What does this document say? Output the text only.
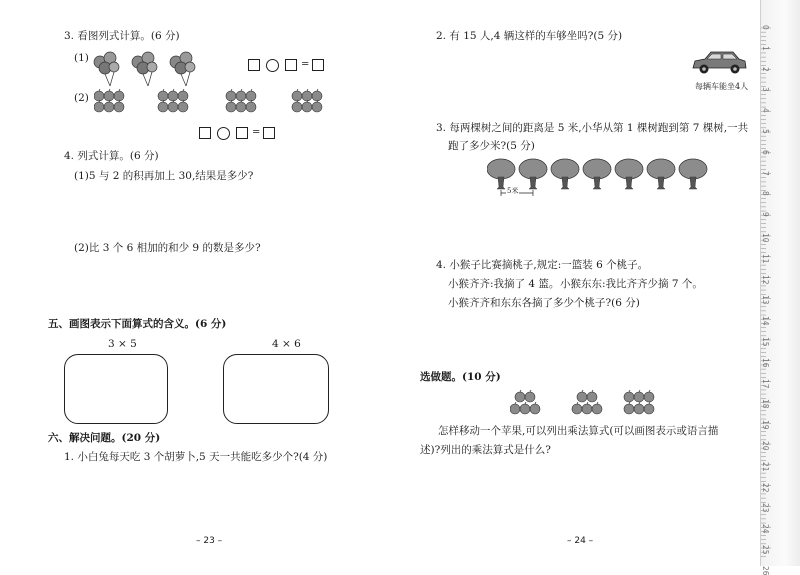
3. 看图列式计算。(6 分)
(1)
=
(2)
=
4. 列式计算。(6 分)
(1)5 与 2 的积再加上 30,结果是多少?
(2)比 3 个 6 相加的和少 9 的数是多少?
五、画图表示下面算式的含义。(6 分)
3 × 5	4 × 6
六、解决问题。(20 分)
1. 小白兔每天吃 3 个胡萝卜,5 天一共能吃多少个?(4 分)
– 23 –
2. 有 15 人,4 辆这样的车够坐吗?(5 分)
每辆车能坐4人
3. 每两棵树之间的距离是 5 米,小华从第 1 棵树跑到第 7 棵树,一共
跑了多少米?(5 分)
5米
4. 小猴子比赛摘桃子,规定:一篮装 6 个桃子。
小猴齐齐:我摘了 4 篮。 小猴东东:我比齐齐少摘 7 个。
小猴齐齐和东东各摘了多少个桃子?(6 分)
选做题。(10 分)
怎样移动一个苹果,可以列出乘法算式(可以画图表示或语言描
述)?列出的乘法算式是什么?
– 24 –
0
1
2
3
4
5
6
7
8
9
10
11
12
13
14
15
16
17
18
19
20
21
22
23
24
25
26
